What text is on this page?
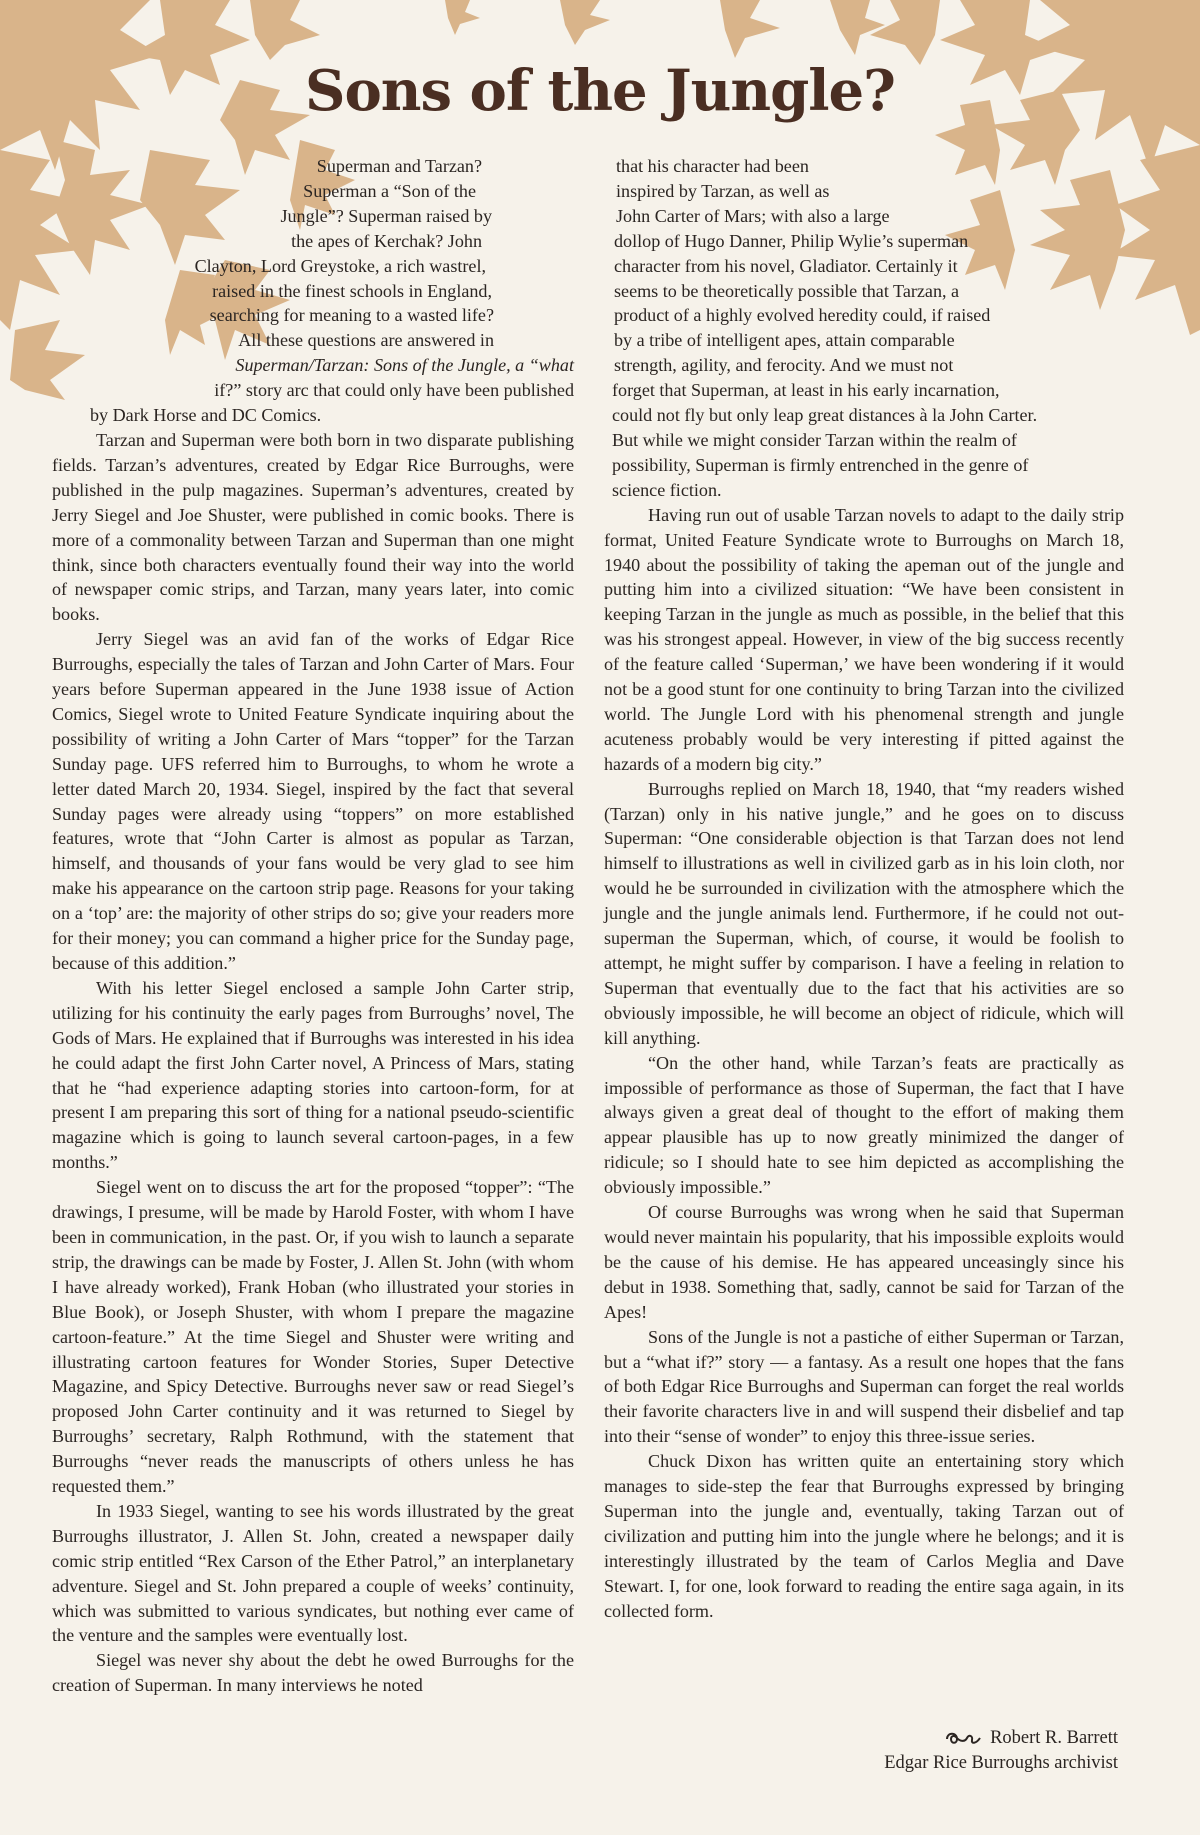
Sons of the Jungle?
Superman and Tarzan?
Superman a “Son of the
Jungle”? Superman raised by
the apes of Kerchak? John
Clayton, Lord Greystoke, a rich wastrel,
raised in the finest schools in England,
searching for meaning to a wasted life?
All these questions are answered in
Superman/Tarzan: Sons of the Jungle, a “what
if?” story arc that could only have been published
by Dark Horse and DC Comics.

Tarzan and Superman were both born in two disparate publishing fields. Tarzan’s adventures, created by Edgar Rice Burroughs, were published in the pulp magazines. Superman’s adventures, created by Jerry Siegel and Joe Shuster, were published in comic books. There is more of a commonality between Tarzan and Superman than one might think, since both characters eventually found their way into the world of newspaper comic strips, and Tarzan, many years later, into comic books.

Jerry Siegel was an avid fan of the works of Edgar Rice Burroughs, especially the tales of Tarzan and John Carter of Mars. Four years before Superman appeared in the June 1938 issue of Action Comics, Siegel wrote to United Feature Syndicate inquiring about the possibility of writing a John Carter of Mars “topper” for the Tarzan Sunday page. UFS referred him to Burroughs, to whom he wrote a letter dated March 20, 1934. Siegel, inspired by the fact that several Sunday pages were already using “toppers” on more established features, wrote that “John Carter is almost as popular as Tarzan, himself, and thousands of your fans would be very glad to see him make his appearance on the cartoon strip page. Reasons for your taking on a ‘top’ are: the majority of other strips do so; give your readers more for their money; you can command a higher price for the Sunday page, because of this addition.”

With his letter Siegel enclosed a sample John Carter strip, utilizing for his continuity the early pages from Burroughs’ novel, The Gods of Mars. He explained that if Burroughs was interested in his idea he could adapt the first John Carter novel, A Princess of Mars, stating that he “had experience adapting stories into cartoon-form, for at present I am preparing this sort of thing for a national pseudo-scientific magazine which is going to launch several cartoon-pages, in a few months.”

Siegel went on to discuss the art for the proposed “topper”: “The drawings, I presume, will be made by Harold Foster, with whom I have been in communication, in the past. Or, if you wish to launch a separate strip, the drawings can be made by Foster, J. Allen St. John (with whom I have already worked), Frank Hoban (who illustrated your stories in Blue Book), or Joseph Shuster, with whom I prepare the magazine cartoon-feature.” At the time Siegel and Shuster were writing and illustrating cartoon features for Wonder Stories, Super Detective Magazine, and Spicy Detective. Burroughs never saw or read Siegel’s proposed John Carter continuity and it was returned to Siegel by Burroughs’ secretary, Ralph Rothmund, with the statement that Burroughs “never reads the manuscripts of others unless he has requested them.”

In 1933 Siegel, wanting to see his words illustrated by the great Burroughs illustrator, J. Allen St. John, created a newspaper daily comic strip entitled “Rex Carson of the Ether Patrol,” an interplanetary adventure. Siegel and St. John prepared a couple of weeks’ continuity, which was submitted to various syndicates, but nothing ever came of the venture and the samples were eventually lost.

Siegel was never shy about the debt he owed Burroughs for the creation of Superman. In many interviews he noted

that his character had been
inspired by Tarzan, as well as
John Carter of Mars; with also a large
dollop of Hugo Danner, Philip Wylie’s superman
character from his novel, Gladiator. Certainly it
seems to be theoretically possible that Tarzan, a
product of a highly evolved heredity could, if raised
by a tribe of intelligent apes, attain comparable
strength, agility, and ferocity. And we must not
forget that Superman, at least in his early incarnation,
could not fly but only leap great distances à la John Carter.
But while we might consider Tarzan within the realm of
possibility, Superman is firmly entrenched in the genre of
science fiction.

Having run out of usable Tarzan novels to adapt to the daily strip format, United Feature Syndicate wrote to Burroughs on March 18, 1940 about the possibility of taking the apeman out of the jungle and putting him into a civilized situation: “We have been consistent in keeping Tarzan in the jungle as much as possible, in the belief that this was his strongest appeal. However, in view of the big success recently of the feature called ‘Superman,’ we have been wondering if it would not be a good stunt for one continuity to bring Tarzan into the civilized world. The Jungle Lord with his phenomenal strength and jungle acuteness probably would be very interesting if pitted against the hazards of a modern big city.”

Burroughs replied on March 18, 1940, that “my readers wished (Tarzan) only in his native jungle,” and he goes on to discuss Superman: “One considerable objection is that Tarzan does not lend himself to illustrations as well in civilized garb as in his loin cloth, nor would he be surrounded in civilization with the atmosphere which the jungle and the jungle animals lend. Furthermore, if he could not out-superman the Superman, which, of course, it would be foolish to attempt, he might suffer by comparison. I have a feeling in relation to Superman that eventually due to the fact that his activities are so obviously impossible, he will become an object of ridicule, which will kill anything.

“On the other hand, while Tarzan’s feats are practically as impossible of performance as those of Superman, the fact that I have always given a great deal of thought to the effort of making them appear plausible has up to now greatly minimized the danger of ridicule; so I should hate to see him depicted as accomplishing the obviously impossible.”

Of course Burroughs was wrong when he said that Superman would never maintain his popularity, that his impossible exploits would be the cause of his demise. He has appeared unceasingly since his debut in 1938. Something that, sadly, cannot be said for Tarzan of the Apes!

Sons of the Jungle is not a pastiche of either Superman or Tarzan, but a “what if?” story — a fantasy. As a result one hopes that the fans of both Edgar Rice Burroughs and Superman can forget the real worlds their favorite characters live in and will suspend their disbelief and tap into their “sense of wonder” to enjoy this three-issue series.

Chuck Dixon has written quite an entertaining story which manages to side-step the fear that Burroughs expressed by bringing Superman into the jungle and, eventually, taking Tarzan out of civilization and putting him into the jungle where he belongs; and it is interestingly illustrated by the team of Carlos Meglia and Dave Stewart. I, for one, look forward to reading the entire saga again, in its collected form.

Robert R. Barrett
Edgar Rice Burroughs archivist
